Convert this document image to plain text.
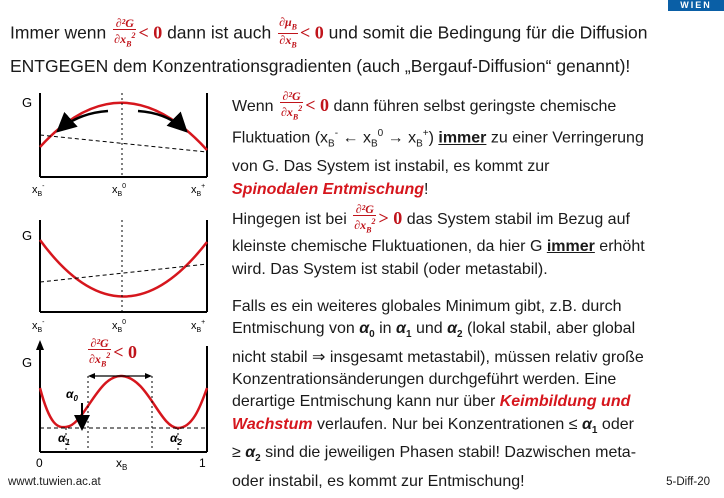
WIEN
Immer wenn $\frac{\text{∂²G}}{\partial x_B^2} < 0$ dann ist auch $\frac{\partial\mu_B}{\partial x_B} < 0$ und somit die Bedingung für die Diffusion
ENTGEGEN dem Konzentrationsgradienten (auch „Bergauf-Diffusion“ genannt)!
Wenn $\frac{\text{∂²G}}{\partial x_B^2} < 0$ dann führen selbst geringste chemische
Fluktuation ($x_B^-$ ← $x_B^0 \to x_B^+$) immer zu einer Verringerung
von G. Das System ist instabil, es kommt zur
Spinodalen Entmischung!
Hingegen ist bei $\frac{\text{∂²G}}{\partial x_B^2} > 0$ das System stabil im Bezug auf
kleinste chemische Fluktuationen, da hier G immer erhöht
wird. Das System ist stabil (oder metastabil).
Falls es ein weiteres globales Minimum gibt, z.B. durch
Entmischung von $\alpha_0$ in $\alpha_1$ und $\alpha_2$ (lokal stabil, aber global
nicht stabil ⇒ insgesamt metastabil), müssen relativ große
Konzentrationsänderungen durchgeführt werden. Eine
derartige Entmischung kann nur über Keimbildung und
Wachstum verlaufen. Nur bei Konzentrationen ≤ $\alpha_1$ oder
≥ $\alpha_2$ sind die jeweiligen Phasen stabil! Dazwischen meta-
oder instabil, es kommt zur Entmischung!
G
$x_B^-$	$x_B^0$	$x_B^+$
G
$x_B^-$	$x_B^0$	$x_B^+$
G
$\alpha_0$
$\alpha_1$	$\alpha_2$
0	$x_B$	1
$\frac{\text{∂²G}}{\partial x_B^2} < 0$
wwwt.tuwien.ac.at	5-Diff-20
